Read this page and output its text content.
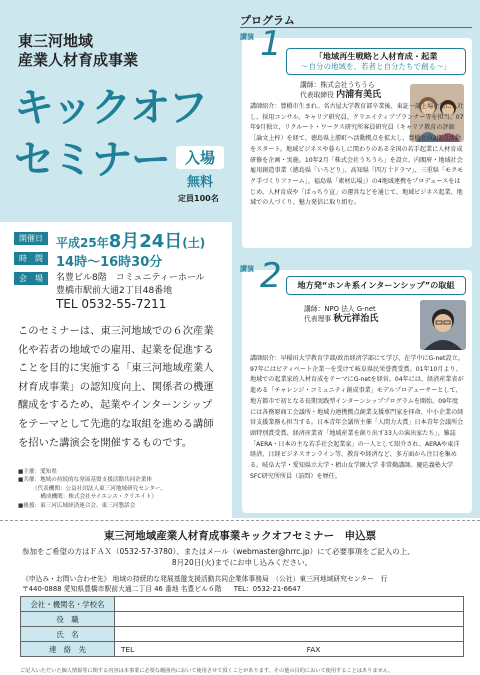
東三河地域
産業人材育成事業
キックオフ
セミナー 入場
無料
定員100名
開催日	平成25年8月24日(土)
時　間	14時～16時30分
会　場	名豊ビル8階　コミュニティーホール
豊橋市駅前大通2丁目48番地
TEL 0532-55-7211
このセミナーは、東三河地域での６次産業化や若者の地域での雇用、起業を促進することを目的に実施する「東三河地域産業人材育成事業」の認知度向上、関係者の機運醸成をするため、起業やインターンシップをテーマとして先進的な取組を進める講師を招いた講演会を開催するものです。
■主催：愛知県
■共催：地域の持続的な発展基盤支援活動共同企業体
　　　（代表機関：公益社団法人東三河地域研究センター、
　　　　構成機関：株式会社サイエンス・クリエイト）
■後援：東三河広域経済連合会、東三河懇話会
プログラム
講演 1	「地域再生戦略と人材育成・起業
～自分の地域を、若者と自分たちで創る～」
講師：株式会社うちうら
代表取締役 内浦有美氏
講師紹介：豊橋市生まれ。名古屋大学教育部卒業後、東証一部上場企業に入社し、採用コンサル、キャリア研究員、クリエイティブプランナー等を担当。07年9月独立、リクルート・ワークス研究所客員研究員（キャリア教育の評価［論文上梓）を経て、徳島県上勝町へ活動拠点を拡大し、豊橋との2拠点活動をスタート。地域ビジネスや暮らしに関わりのある全国の若手起業に人材育成研修を企画・実施。10年2月「株式会社うちうら」を設立、内閣府・地域社会雇用創造事業（徳島県「いろどり」、高知県「四万十ドラマ」、三重県「モクモク手づくりファーム」、福島県「素材広場」）の4地域連携をプロデュースをはじめ、人材育成や「ぱっちり宣」の運営などを通じて、地域ビジネス起業、地域での人づくり、魅力発信に取り組む。
講演 2	地方発“ホンキ系インターンシップ”の取組
講師：NPO 法人 G-net
代表理事 秋元祥治氏
講師紹介：早稲田大学教育学部/政治経済学部にて学び、在学中にG-net設立。97年にはビティベート企業一を受けて岐阜県民栄誉賞受賞。01年10月より、地域での起業家的人材育成をテーマにG-netを経営。04年には、経済産業省が進める「チャレンジ・コミュニティ創成事業」モデルプロデューサーとして、地方都市で初となる長期実践型インターンシッププログラムを開始。09年度には各務原商工会議所・地域力連携拠点創業支援専門家を拝命、中小企業の経営支援業務も担当する。日本青年会議所主催「人間力大賞」日本青年会議所会頭特別賞受賞、経済産業省「地域産業を創り出す33人の演出家たち」、雑誌「AERA・日本の主な若手社会起業家」の一人として紹介され、AERAや東洋経済、日経ビジネスオンライン等、教育や経済など、多方面から注目を集める。岐阜大学・愛知県立大学・椙山女学園大学 非常勤講師。慶応義塾大学SFC研究所所員（訪問）を歴任。
東三河地域産業人材育成事業キックオフセミナー　申込票
参加をご希望の方はＦＡＸ（0532-57-3780）、またはメール（webmaster@hrrc.jp）にて必要事項をご記入の上、
8月20日(火)までにお申し込みください。
《申込み・お問い合わせ先》 地域の持続的な発展基盤支援活動共同企業体事務局　（公社）東三河地域研究センター　行
〒440-0888 愛知県豊橋市駅前大通二丁目 46 番地 名豊ビル６階 TEL：0532-21-6647
会社・機関名・学校名	
役　職	
氏　名	
連　絡　先	TEL FAX
ご記入いただいた個人情報等に関する内容は本事業に必要な範囲内において使用させて頂くことがあります。その他の目的において使用することはありません。
